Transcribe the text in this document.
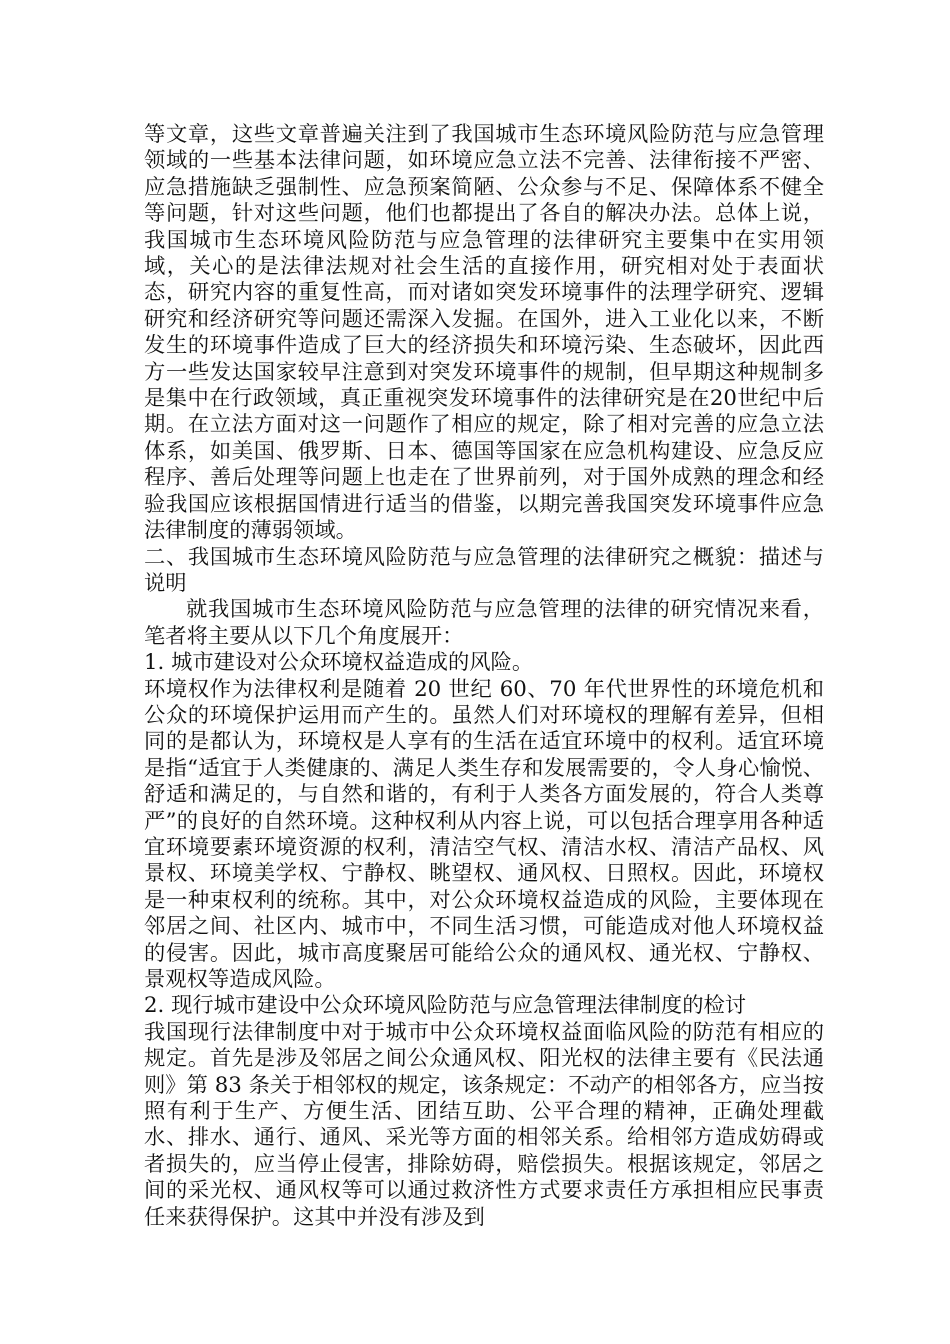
等文章，这些文章普遍关注到了我国城市生态环境风险防范与应急管理领域的一些基本法律问题，如环境应急立法不完善、法律衔接不严密、应急措施缺乏强制性、应急预案简陋、公众参与不足、保障体系不健全等问题，针对这些问题，他们也都提出了各自的解决办法。总体上说，我国城市生态环境风险防范与应急管理的法律研究主要集中在实用领域，关心的是法律法规对社会生活的直接作用，研究相对处于表面状态，研究内容的重复性高，而对诸如突发环境事件的法理学研究、逻辑研究和经济研究等问题还需深入发掘。在国外，进入工业化以来，不断发生的环境事件造成了巨大的经济损失和环境污染、生态破坏，因此西方一些发达国家较早注意到对突发环境事件的规制，但早期这种规制多是集中在行政领域，真正重视突发环境事件的法律研究是在20世纪中后期。在立法方面对这一问题作了相应的规定，除了相对完善的应急立法体系，如美国、俄罗斯、日本、德国等国家在应急机构建设、应急反应程序、善后处理等问题上也走在了世界前列，对于国外成熟的理念和经验我国应该根据国情进行适当的借鉴，以期完善我国突发环境事件应急法律制度的薄弱领域。

二、我国城市生态环境风险防范与应急管理的法律研究之概貌：描述与说明

就我国城市生态环境风险防范与应急管理的法律的研究情况来看，笔者将主要从以下几个角度展开：

1. 城市建设对公众环境权益造成的风险。

环境权作为法律权利是随着 20 世纪 60、70 年代世界性的环境危机和公众的环境保护运用而产生的。虽然人们对环境权的理解有差异，但相同的是都认为，环境权是人享有的生活在适宜环境中的权利。适宜环境是指“适宜于人类健康的、满足人类生存和发展需要的，令人身心愉悦、舒适和满足的，与自然和谐的，有利于人类各方面发展的，符合人类尊严”的良好的自然环境。这种权利从内容上说，可以包括合理享用各种适宜环境要素环境资源的权利，清洁空气权、清洁水权、清洁产品权、风景权、环境美学权、宁静权、眺望权、通风权、日照权。因此，环境权是一种束权利的统称。其中，对公众环境权益造成的风险，主要体现在邻居之间、社区内、城市中，不同生活习惯，可能造成对他人环境权益的侵害。因此，城市高度聚居可能给公众的通风权、通光权、宁静权、景观权等造成风险。

2. 现行城市建设中公众环境风险防范与应急管理法律制度的检讨

我国现行法律制度中对于城市中公众环境权益面临风险的防范有相应的规定。首先是涉及邻居之间公众通风权、阳光权的法律主要有《民法通则》第 83 条关于相邻权的规定，该条规定：不动产的相邻各方，应当按照有利于生产、方便生活、团结互助、公平合理的精神，正确处理截水、排水、通行、通风、采光等方面的相邻关系。给相邻方造成妨碍或者损失的，应当停止侵害，排除妨碍，赔偿损失。根据该规定，邻居之间的采光权、通风权等可以通过救济性方式要求责任方承担相应民事责任来获得保护。这其中并没有涉及到
